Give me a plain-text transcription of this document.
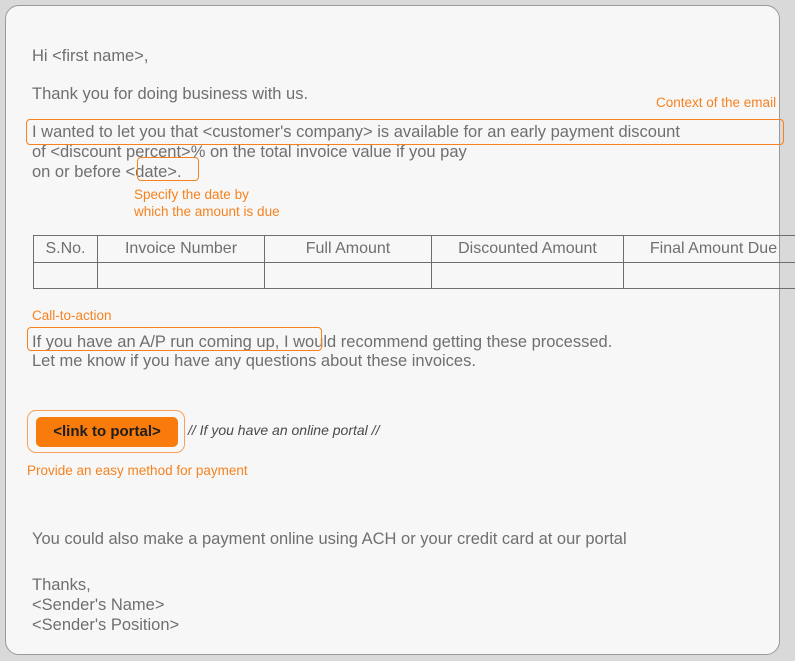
Hi <first name>,
Thank you for doing business with us.	Context of the email
I wanted to let you that <customer's company> is available for an early payment discount
of <discount percent>% on the total invoice value if you pay
on or before <date>.
Specify the date by
which the amount is due
S.No.	Invoice Number	Full Amount	Discounted Amount	Final Amount Due

Call-to-action
If you have an A/P run coming up, I would recommend getting these processed.
Let me know if you have any questions about these invoices.
<link to portal>	// If you have an online portal //
Provide an easy method for payment
You could also make a payment online using ACH or your credit card at our portal
Thanks,
<Sender's Name>
<Sender's Position>
